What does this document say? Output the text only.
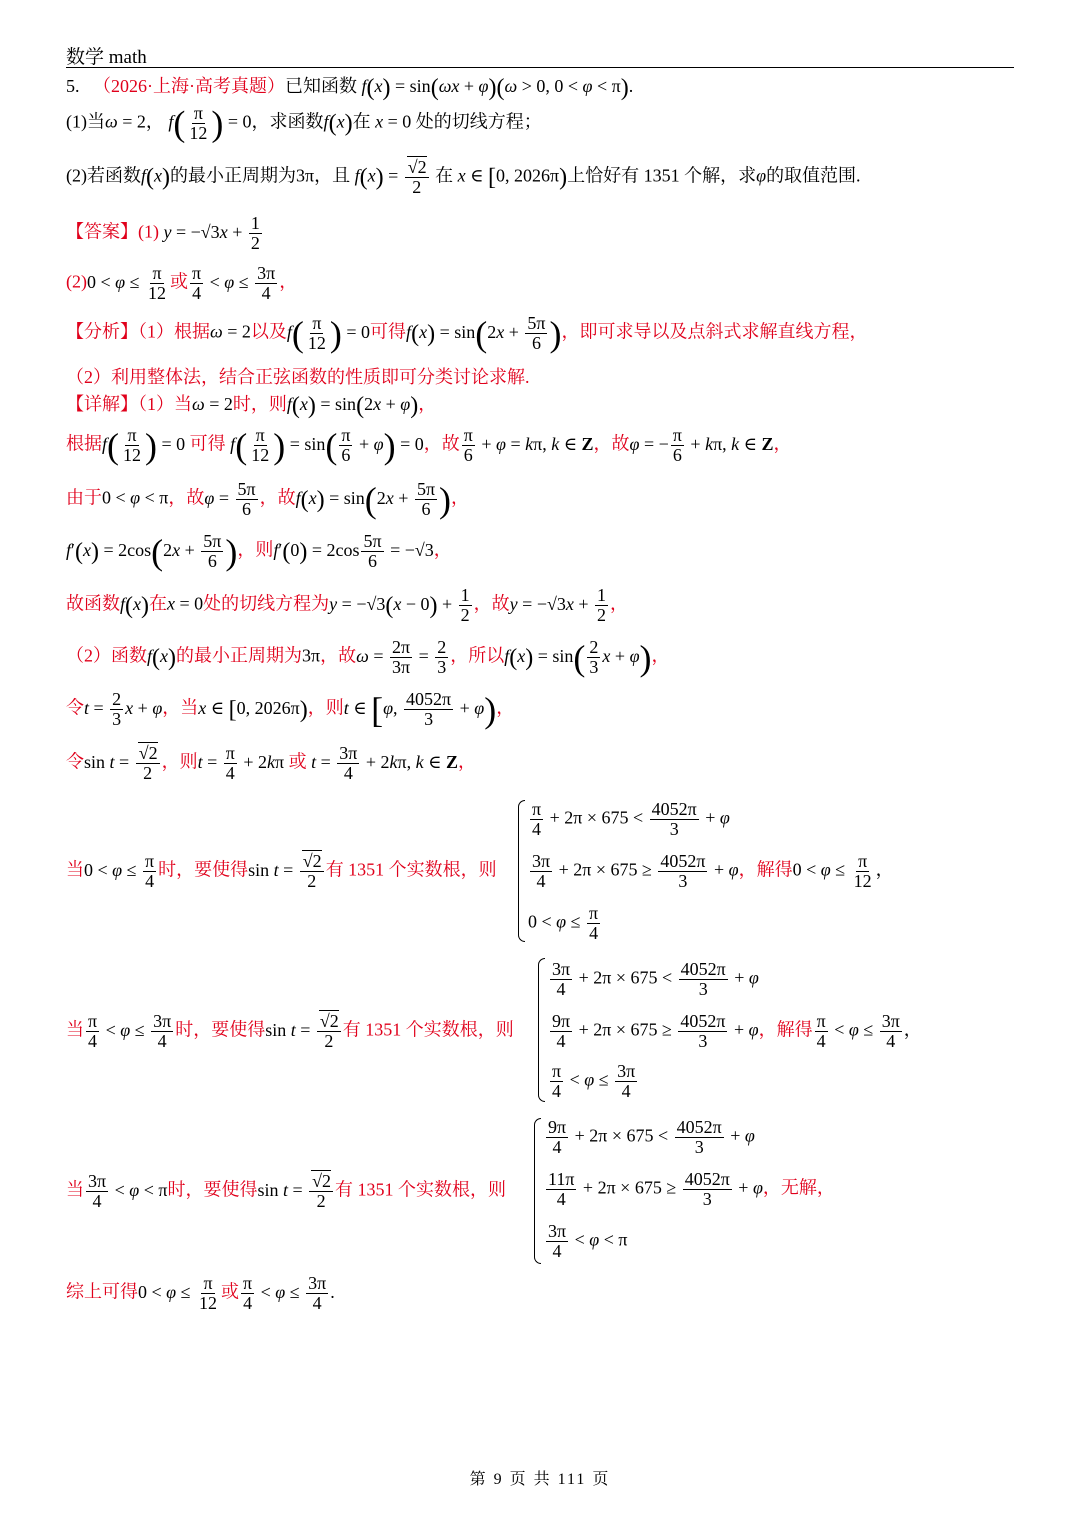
数学 math
5. （2026·上海·高考真题）已知函数 f(x) = sin(ωx + φ)(ω > 0, 0 < φ < π).
(1)当ω = 2， $f( \frac{\pi}{12}$ ) = 0，求函数f(x)在 x = 0 处的切线方程；
(2)若函数f(x)的最小正周期为3π，且 $f(x) = \frac{√2}{2}$ 在 x ∈ [0, 2026π)上恰好有 1351 个解，求φ的取值范围.
【答案】(1) $y = -√3x + \frac{1}{2}$
$(2)0 < \varphi \le \frac{\pi}{12}$ 或 $\frac{\pi}{4} < \varphi \le \frac{3\pi}{4}$ ，
【分析】（1）根据ω = 2以及$f( \frac{\pi}{12}$ ) = 0可得$f(x) = \sin(2x + \frac{5\pi}{6}$ )，即可求导以及点斜式求解直线方程，
（2）利用整体法，结合正弦函数的性质即可分类讨论求解.
【详解】（1）当ω = 2时，则f(x) = sin(2x + φ)，
根据$f( \frac{\pi}{12}$ ) = 0 可得 $f( \frac{\pi}{12}$ ) = $\sin( \frac{\pi}{6} + \varphi) = 0$，故 $\frac{\pi}{6} + \varphi = k\pi$, k ∈ Z，故φ = − $\frac{\pi}{6} + k\pi$, k ∈ Z，
由于0 < φ < π，故$\varphi = \frac{5\pi}{6}$ ，故$f(x) = \sin(2x + \frac{5\pi}{6}$ )，
$f'(x) = 2\cos(2x + \frac{5\pi}{6}$ )，则$f'(0) = 2\cos \frac{5\pi}{6} = -√3$，
故函数f(x)在x = 0处的切线方程为$y = -√3(x - 0) + \frac{1}{2}$ ，故$y = -√3x + \frac{1}{2}$ ，
（2）函数f(x)的最小正周期为3π，故$\omega = \frac{2\pi}{3\pi} = \frac{2}{3}$ ，所以$f(x) = \sin( \frac{2}{3}$ x + φ)，
令$t = \frac{2}{3}$ x + φ，当x ∈ [0, 2026π)，则t ∈ [φ, $\frac{4052\pi}{3} + \varphi$)，
令$\sin t = \frac{√2}{2}$ ，则$t = \frac{\pi}{4} + 2k\pi$ 或 $t = \frac{3\pi}{4} + 2k\pi$, k ∈ Z，
当$0 < \varphi \le \frac{\pi}{4}$ 时，要使得$\sin t = \frac{√2}{2}$ 有 1351 个实数根，则
$\frac{\pi}{4} + 2\pi \times 675 < \frac{4052\pi}{3} + \varphi$
$\frac{3\pi}{4} + 2\pi \times 675 \ge \frac{4052\pi}{3} + \varphi$，解得$0 < \varphi \le \frac{\pi}{12}$ ，
$0 < \varphi \le \frac{\pi}{4}$
当 $\frac{\pi}{4} < \varphi \le \frac{3\pi}{4}$ 时，要使得$\sin t = \frac{√2}{2}$ 有 1351 个实数根，则
$\frac{3\pi}{4} + 2\pi \times 675 < \frac{4052\pi}{3} + \varphi$
$\frac{9\pi}{4} + 2\pi \times 675 \ge \frac{4052\pi}{3} + \varphi$，解得 $\frac{\pi}{4} < \varphi \le \frac{3\pi}{4}$ ，
$\frac{\pi}{4} < \varphi \le \frac{3\pi}{4}$
当 $\frac{3\pi}{4} < \varphi < \pi$时，要使得$\sin t = \frac{√2}{2}$ 有 1351 个实数根，则
$\frac{9\pi}{4} + 2\pi \times 675 < \frac{4052\pi}{3} + \varphi$
$\frac{11\pi}{4} + 2\pi \times 675 \ge \frac{4052\pi}{3} + \varphi$，无解，
$\frac{3\pi}{4} < \varphi < \pi$
综上可得$0 < \varphi \le \frac{\pi}{12}$ 或 $\frac{\pi}{4} < \varphi \le \frac{3\pi}{4}$ .
第 9 页 共 111 页
